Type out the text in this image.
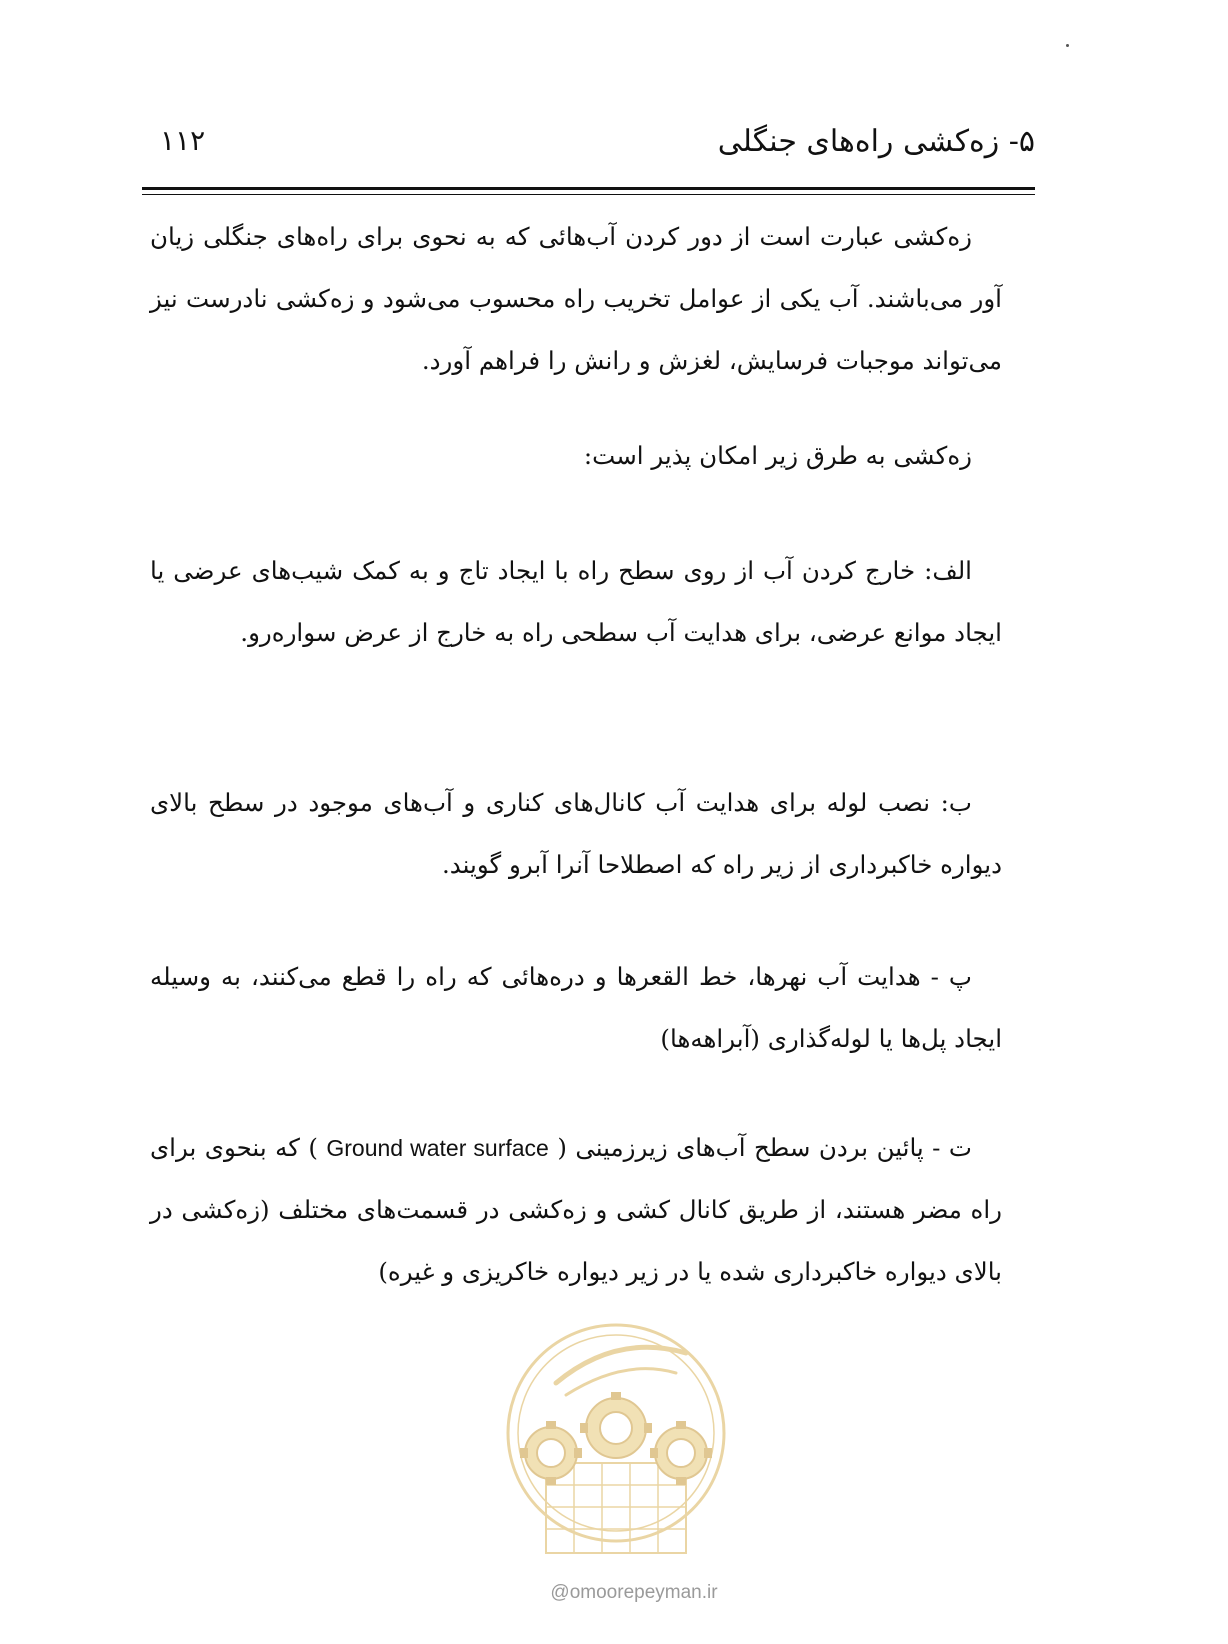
۵- زه‌کشی راه‌های جنگلی
۱۱۲

زه‌کشی عبارت است از دور کردن آب‌هائی که به نحوی برای راه‌های جنگلی زیان آور می‌باشند. آب یکی از عوامل تخریب راه محسوب می‌شود و زه‌کشی نادرست نیز می‌تواند موجبات فرسایش، لغزش و رانش را فراهم آورد.

زه‌کشی به طرق زیر امکان پذیر است:

الف: خارج کردن آب از روی سطح راه با ایجاد تاج و به کمک شیب‌های عرضی یا ایجاد موانع عرضی، برای هدایت آب سطحی راه به خارج از عرض سواره‌رو.

ب: نصب لوله برای هدایت آب کانال‌های کناری و آب‌های موجود در سطح بالای دیواره خاکبرداری از زیر راه که اصطلاحا آنرا آبرو گویند.

پ - هدایت آب نهرها، خط القعرها و دره‌هائی که راه را قطع می‌کنند، به وسیله ایجاد پل‌ها یا لوله‌گذاری (آبراهه‌ها)

ت - پائین بردن سطح آب‌های زیرزمینی ( Ground water surface ) که بنحوی برای راه مضر هستند، از طریق کانال کشی و زه‌کشی در قسمت‌های مختلف (زه‌کشی در بالای دیواره خاکبرداری شده یا در زیر دیواره خاکریزی و غیره)

@omoorepeyman.ir
